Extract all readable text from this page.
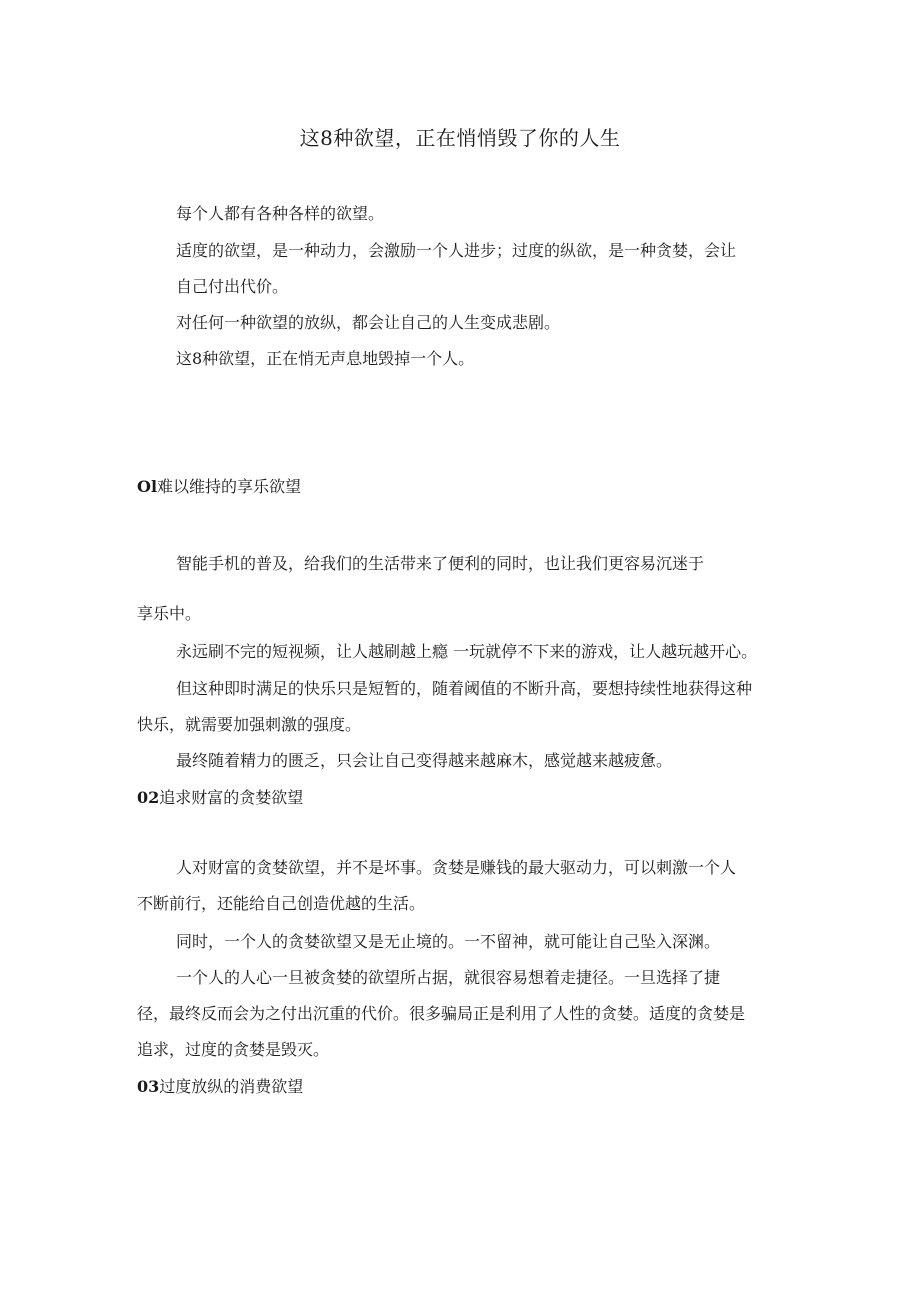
这8种欲望，正在悄悄毁了你的人生

每个人都有各种各样的欲望。

适度的欲望，是一种动力，会激励一个人进步；过度的纵欲，是一种贪婪，会让

自己付出代价。

对任何一种欲望的放纵，都会让自己的人生变成悲剧。

这8种欲望，正在悄无声息地毁掉一个人。

Ol难以维持的享乐欲望

智能手机的普及，给我们的生活带来了便利的同时，也让我们更容易沉迷于

享乐中。

永远刷不完的短视频，让人越刷越上瘾 一玩就停不下来的游戏，让人越玩越开心。

但这种即时满足的快乐只是短暂的，随着阈值的不断升高，要想持续性地获得这种

快乐，就需要加强刺激的强度。

最终随着精力的匮乏，只会让自己变得越来越麻木，感觉越来越疲惫。

02追求财富的贪婪欲望

人对财富的贪婪欲望，并不是坏事。贪婪是赚钱的最大驱动力，可以刺激一个人

不断前行，还能给自己创造优越的生活。

同时，一个人的贪婪欲望又是无止境的。一不留神，就可能让自己坠入深渊。

一个人的人心一旦被贪婪的欲望所占据，就很容易想着走捷径。一旦选择了捷

径，最终反而会为之付出沉重的代价。很多骗局正是利用了人性的贪婪。适度的贪婪是

追求，过度的贪婪是毁灭。

03过度放纵的消费欲望
